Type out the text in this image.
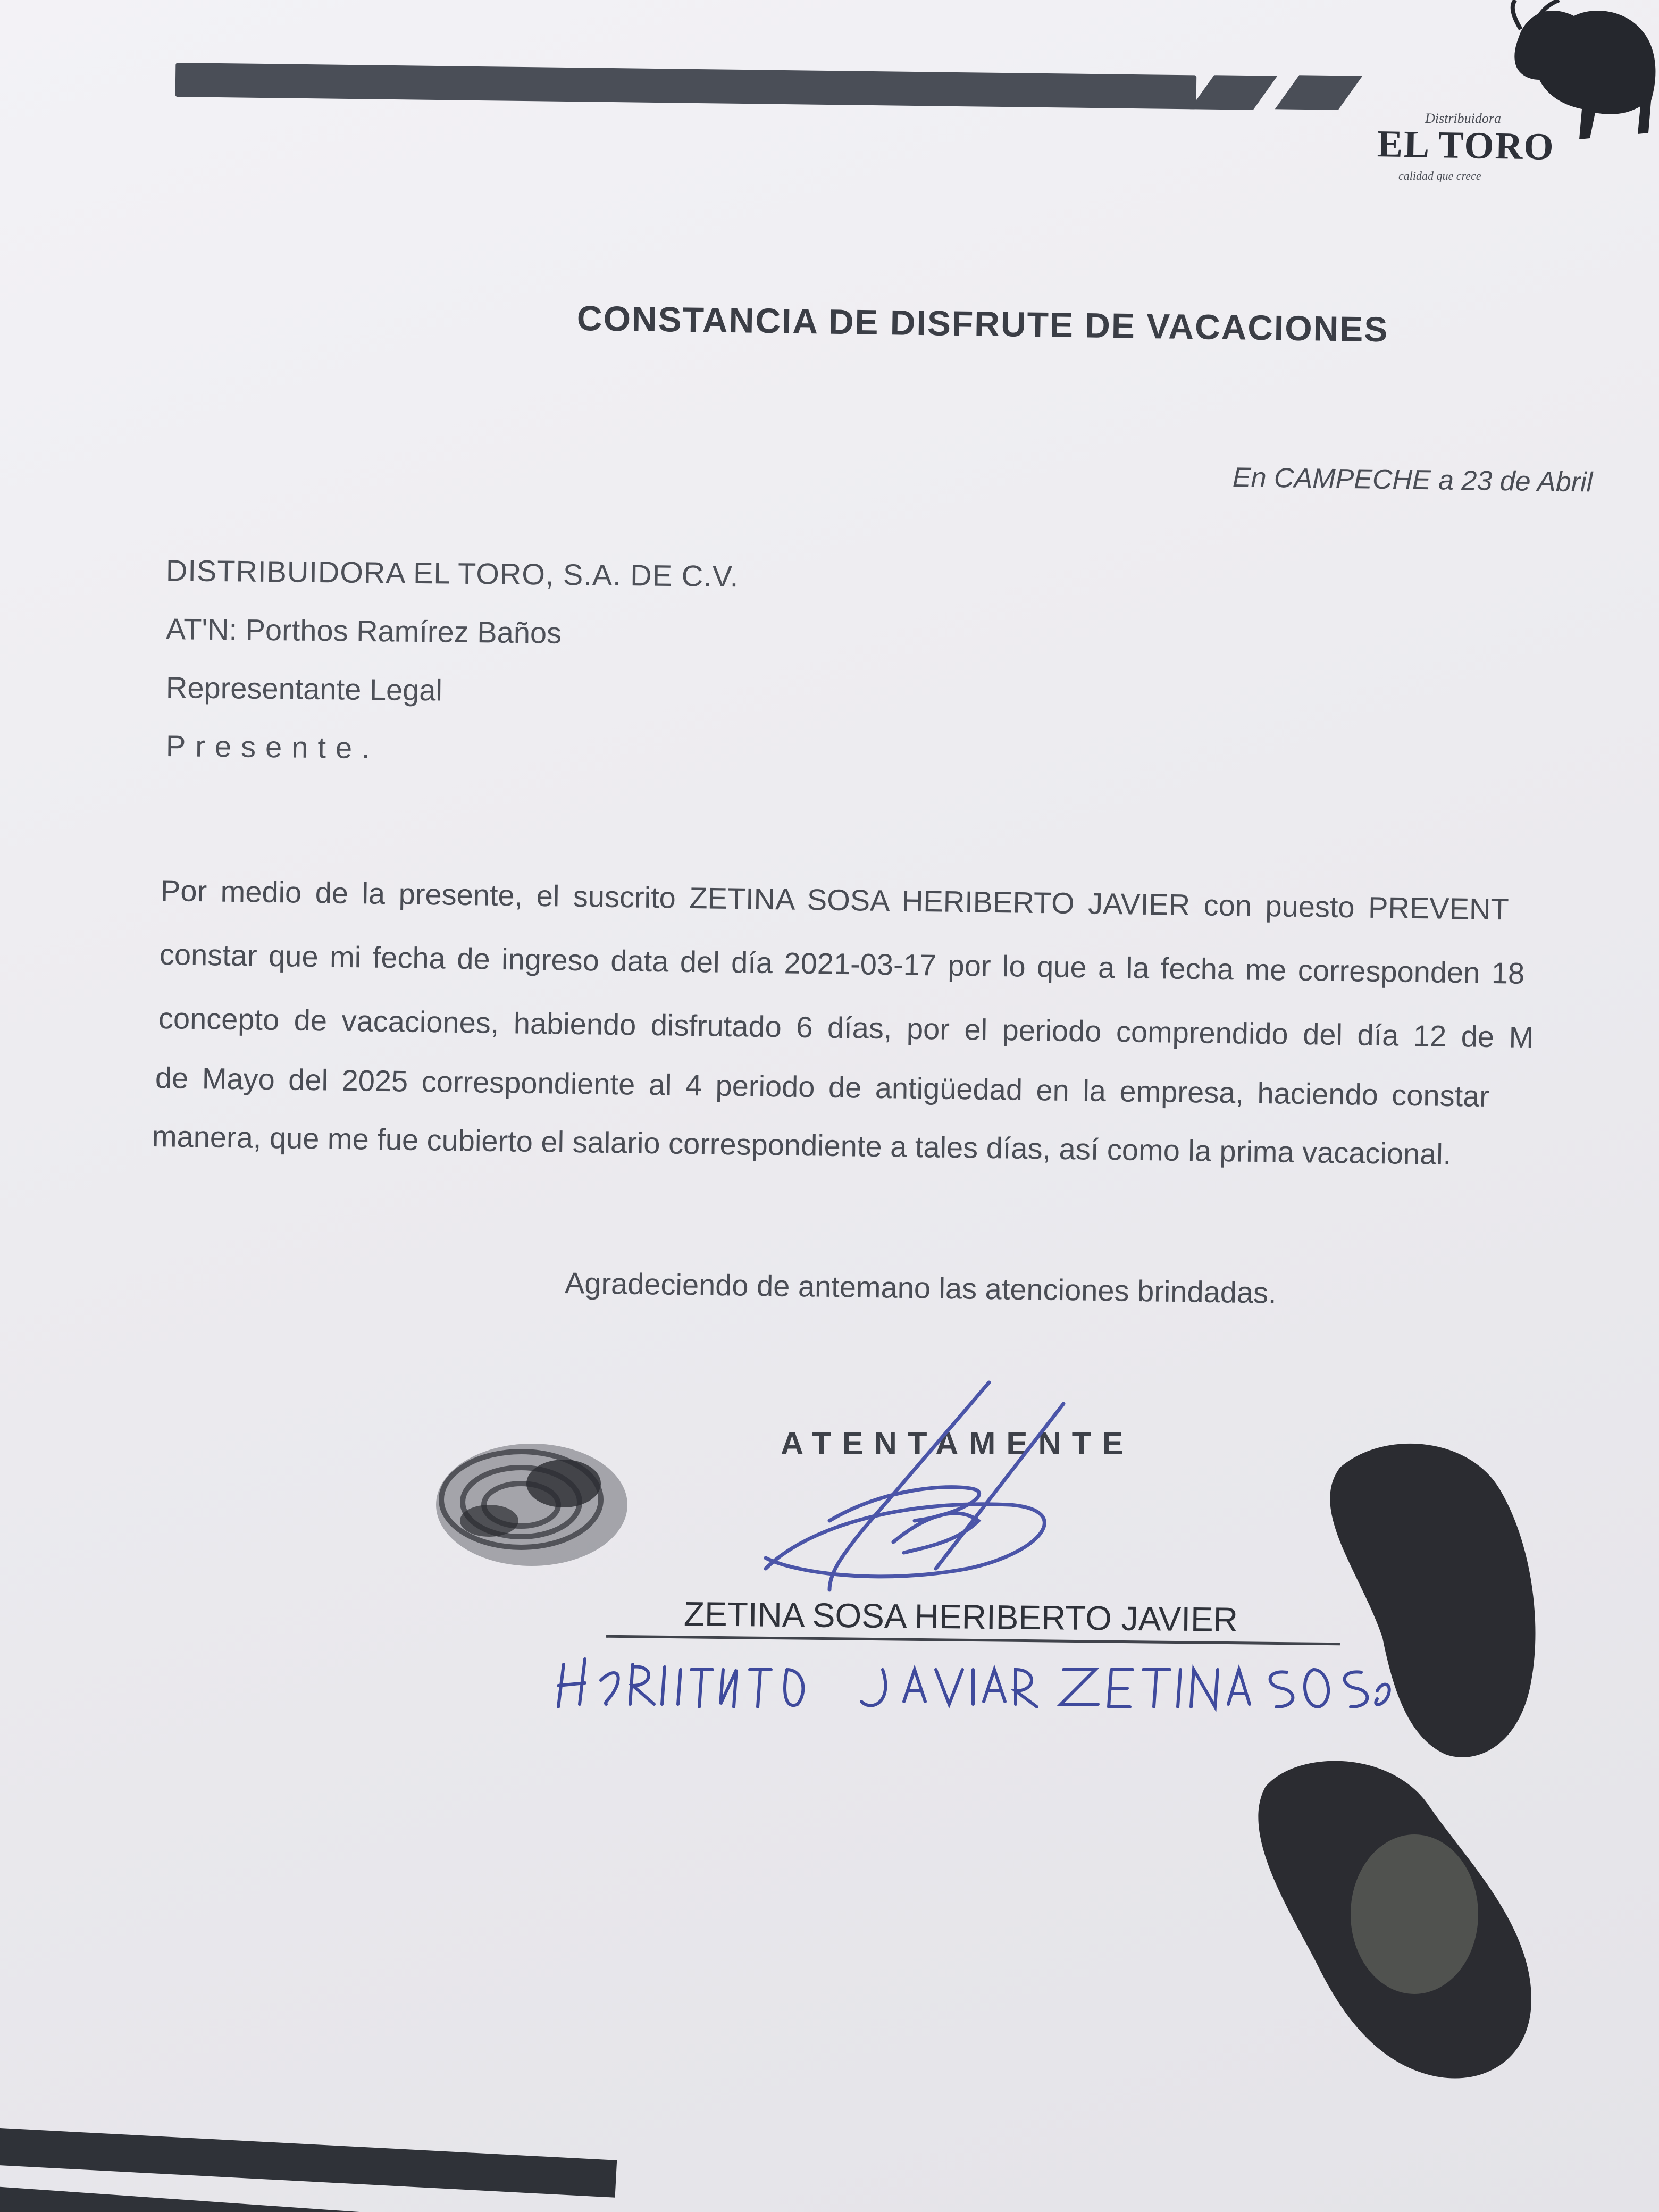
Distribuidora
EL TORO
calidad que crece
CONSTANCIA DE DISFRUTE DE VACACIONES
En CAMPECHE a 23 de Abril
DISTRIBUIDORA EL TORO, S.A. DE C.V.
AT'N: Porthos Ramírez Baños
Representante Legal
Presente.
Por medio de la presente, el suscrito ZETINA SOSA HERIBERTO JAVIER con puesto PREVENT
constar que mi fecha de ingreso data del día 2021-03-17 por lo que a la fecha me corresponden 18
concepto de vacaciones, habiendo disfrutado 6 días, por el periodo comprendido del día 12 de M
de Mayo del 2025 correspondiente al 4 periodo de antigüedad en la empresa, haciendo constar
manera, que me fue cubierto el salario correspondiente a tales días, así como la prima vacacional.
Agradeciendo de antemano las atenciones brindadas.
ATENTAMENTE
ZETINA SOSA HERIBERTO JAVIER
